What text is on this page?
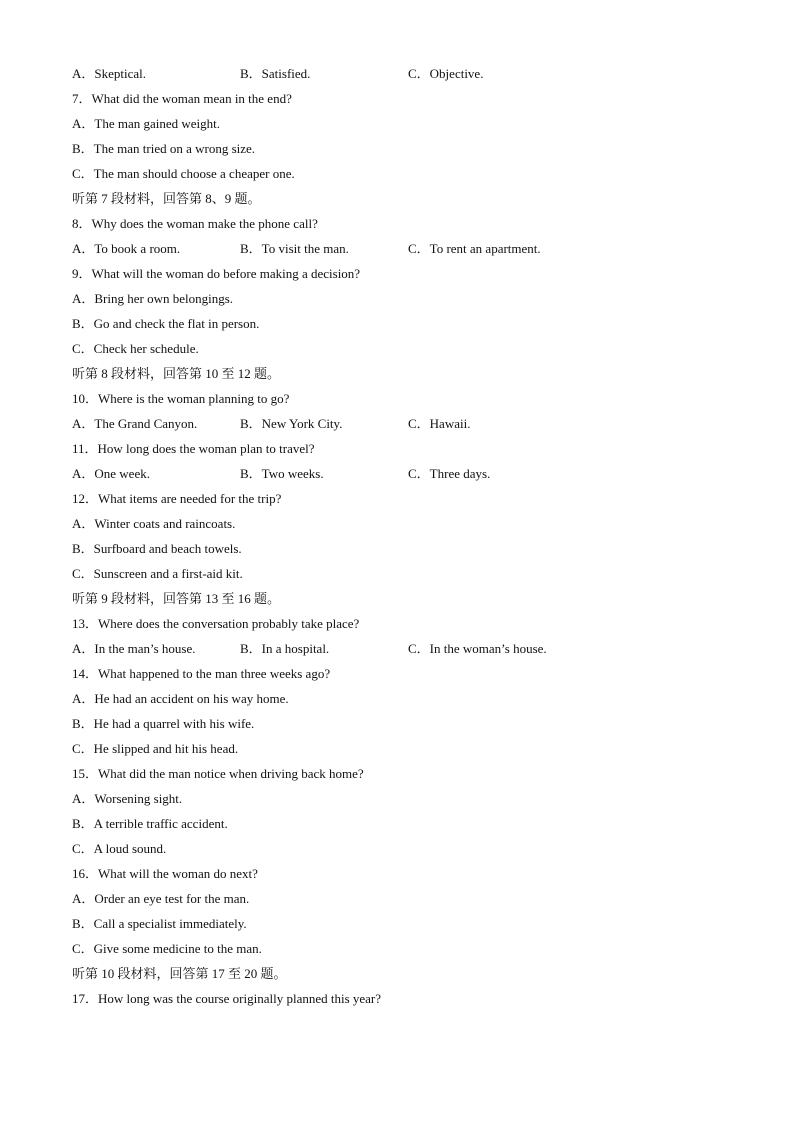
A．Skeptical.	B．Satisfied.	C．Objective.
7．What did the woman mean in the end?
A．The man gained weight.
B．The man tried on a wrong size.
C．The man should choose a cheaper one.
听第 7 段材料，回答第 8、9 题。
8．Why does the woman make the phone call?
A．To book a room.	B．To visit the man.	C．To rent an apartment.
9．What will the woman do before making a decision?
A．Bring her own belongings.
B．Go and check the flat in person.
C．Check her schedule.
听第 8 段材料，回答第 10 至 12 题。
10．Where is the woman planning to go?
A．The Grand Canyon.	B．New York City.	C．Hawaii.
11．How long does the woman plan to travel?
A．One week.	B．Two weeks.	C．Three days.
12．What items are needed for the trip?
A．Winter coats and raincoats.
B．Surfboard and beach towels.
C．Sunscreen and a first-aid kit.
听第 9 段材料，回答第 13 至 16 题。
13．Where does the conversation probably take place?
A．In the man’s house.	B．In a hospital.	C．In the woman’s house.
14．What happened to the man three weeks ago?
A．He had an accident on his way home.
B．He had a quarrel with his wife.
C．He slipped and hit his head.
15．What did the man notice when driving back home?
A．Worsening sight.
B．A terrible traffic accident.
C．A loud sound.
16．What will the woman do next?
A．Order an eye test for the man.
B．Call a specialist immediately.
C．Give some medicine to the man.
听第 10 段材料，回答第 17 至 20 题。
17．How long was the course originally planned this year?
